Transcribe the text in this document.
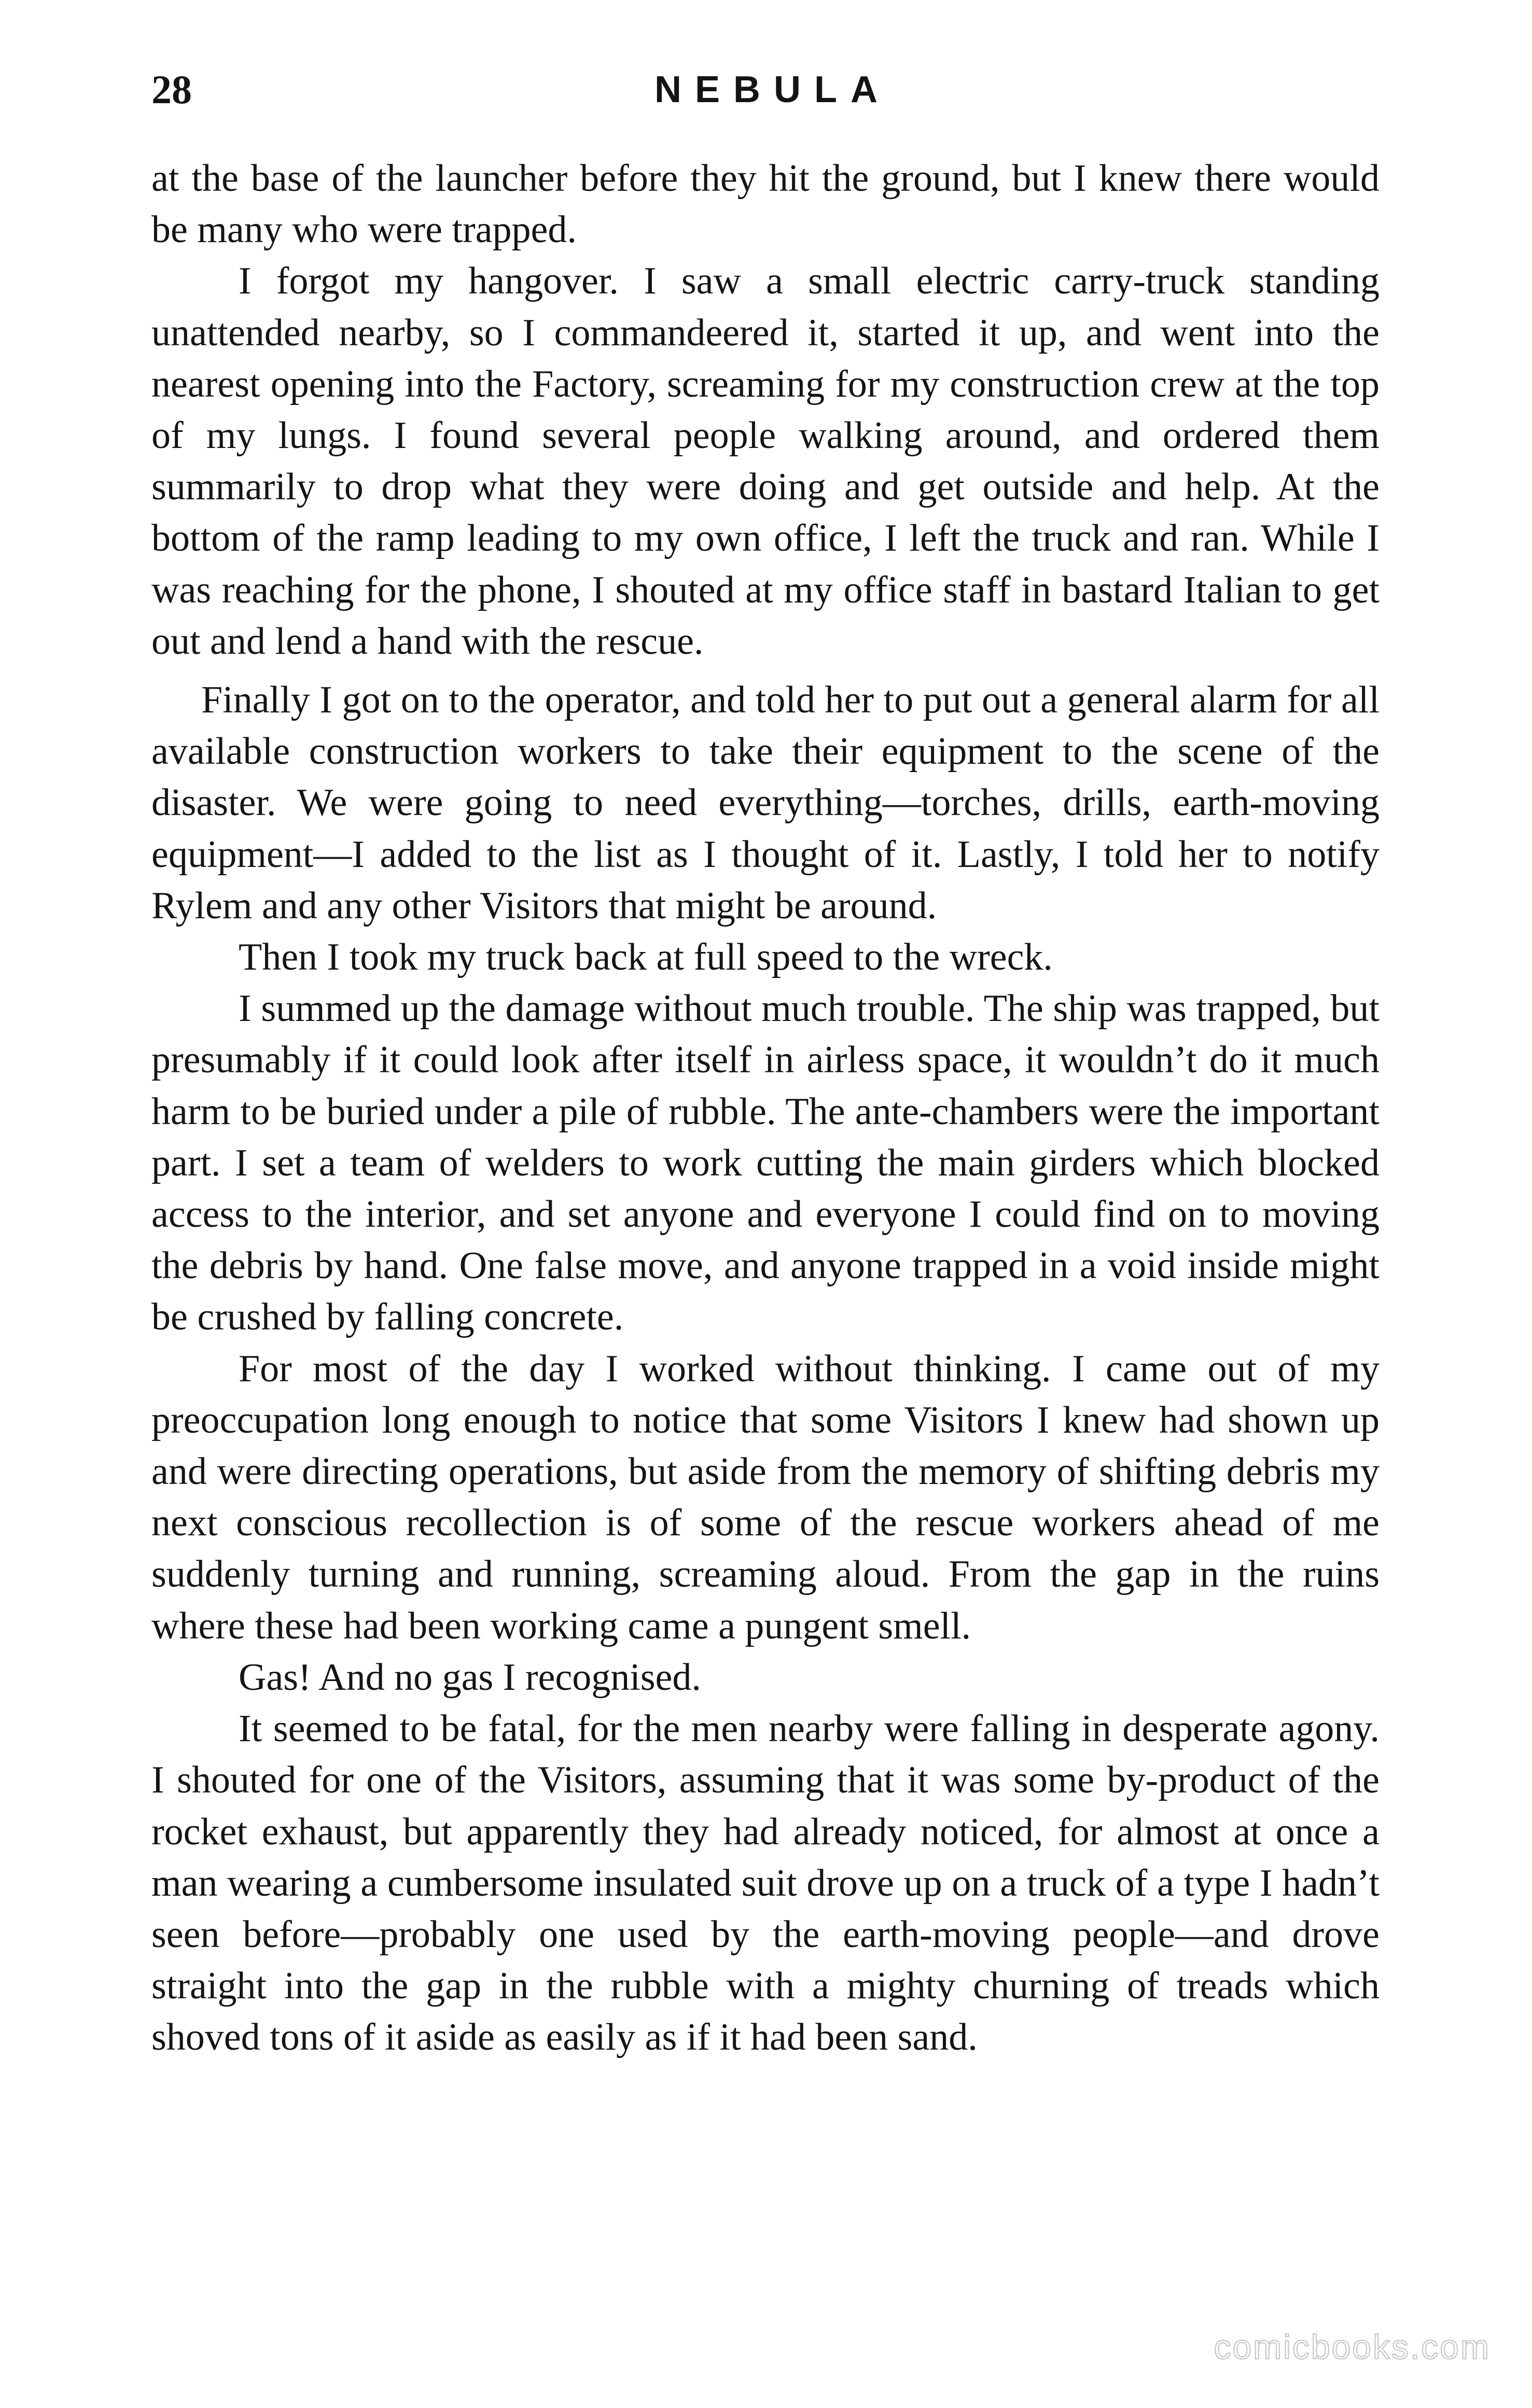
28	NEBULA

at the base of the launcher before they hit the ground, but I knew there would be many who were trapped.

I forgot my hangover. I saw a small electric carry-truck standing unattended nearby, so I commandeered it, started it up, and went into the nearest opening into the Factory, screaming for my construction crew at the top of my lungs. I found several people walking around, and ordered them summarily to drop what they were doing and get outside and help. At the bottom of the ramp leading to my own office, I left the truck and ran. While I was reaching for the phone, I shouted at my office staff in bastard Italian to get out and lend a hand with the rescue.

Finally I got on to the operator, and told her to put out a general alarm for all available construction workers to take their equipment to the scene of the disaster. We were going to need everything—torches, drills, earth-moving equipment—I added to the list as I thought of it. Lastly, I told her to notify Rylem and any other Visitors that might be around.

Then I took my truck back at full speed to the wreck.

I summed up the damage without much trouble. The ship was trapped, but presumably if it could look after itself in airless space, it wouldn’t do it much harm to be buried under a pile of rubble. The ante-chambers were the important part. I set a team of welders to work cutting the main girders which blocked access to the interior, and set anyone and everyone I could find on to moving the debris by hand. One false move, and anyone trapped in a void inside might be crushed by falling concrete.

For most of the day I worked without thinking. I came out of my preoccupation long enough to notice that some Visitors I knew had shown up and were directing operations, but aside from the memory of shifting debris my next conscious recollection is of some of the rescue workers ahead of me suddenly turning and running, screaming aloud. From the gap in the ruins where these had been working came a pungent smell.

Gas! And no gas I recognised.

It seemed to be fatal, for the men nearby were falling in desperate agony. I shouted for one of the Visitors, assuming that it was some by-product of the rocket exhaust, but apparently they had already noticed, for almost at once a man wearing a cumbersome insulated suit drove up on a truck of a type I hadn’t seen before—probably one used by the earth-moving people—and drove straight into the gap in the rubble with a mighty churning of treads which shoved tons of it aside as easily as if it had been sand.

comicbooks.com
